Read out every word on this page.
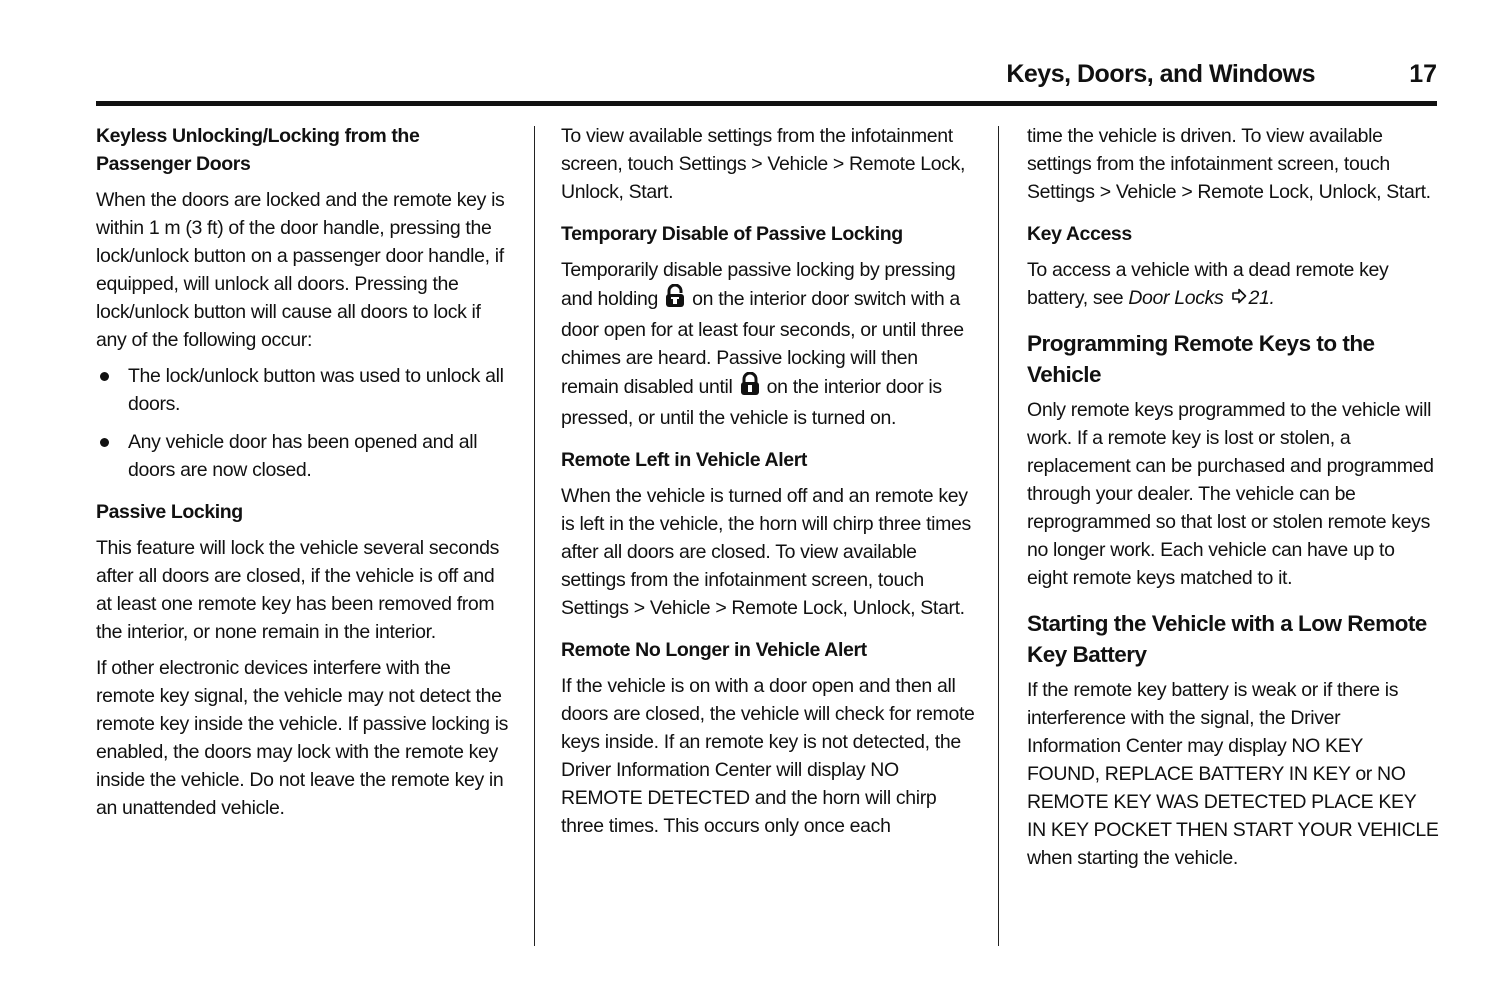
Keys, Doors, and Windows	17
Keyless Unlocking/Locking from the Passenger Doors
When the doors are locked and the remote key is within 1 m (3 ft) of the door handle, pressing the lock/unlock button on a passenger door handle, if equipped, will unlock all doors. Pressing the lock/unlock button will cause all doors to lock if any of the following occur:
The lock/unlock button was used to unlock all doors.
Any vehicle door has been opened and all doors are now closed.
Passive Locking
This feature will lock the vehicle several seconds after all doors are closed, if the vehicle is off and at least one remote key has been removed from the interior, or none remain in the interior.
If other electronic devices interfere with the remote key signal, the vehicle may not detect the remote key inside the vehicle. If passive locking is enabled, the doors may lock with the remote key inside the vehicle. Do not leave the remote key in an unattended vehicle.
To view available settings from the infotainment screen, touch Settings > Vehicle > Remote Lock, Unlock, Start.
Temporary Disable of Passive Locking
Temporarily disable passive locking by pressing and holding on the interior door switch with a door open for at least four seconds, or until three chimes are heard. Passive locking will then remain disabled until on the interior door is pressed, or until the vehicle is turned on.
Remote Left in Vehicle Alert
When the vehicle is turned off and an remote key is left in the vehicle, the horn will chirp three times after all doors are closed. To view available settings from the infotainment screen, touch Settings > Vehicle > Remote Lock, Unlock, Start.
Remote No Longer in Vehicle Alert
If the vehicle is on with a door open and then all doors are closed, the vehicle will check for remote keys inside. If an remote key is not detected, the Driver Information Center will display NO REMOTE DETECTED and the horn will chirp three times. This occurs only once each
time the vehicle is driven. To view available settings from the infotainment screen, touch Settings > Vehicle > Remote Lock, Unlock, Start.
Key Access
To access a vehicle with a dead remote key battery, see Door Locks 21.
Programming Remote Keys to the Vehicle
Only remote keys programmed to the vehicle will work. If a remote key is lost or stolen, a replacement can be purchased and programmed through your dealer. The vehicle can be reprogrammed so that lost or stolen remote keys no longer work. Each vehicle can have up to eight remote keys matched to it.
Starting the Vehicle with a Low Remote Key Battery
If the remote key battery is weak or if there is interference with the signal, the Driver Information Center may display NO KEY FOUND, REPLACE BATTERY IN KEY or NO REMOTE KEY WAS DETECTED PLACE KEY IN KEY POCKET THEN START YOUR VEHICLE when starting the vehicle.
